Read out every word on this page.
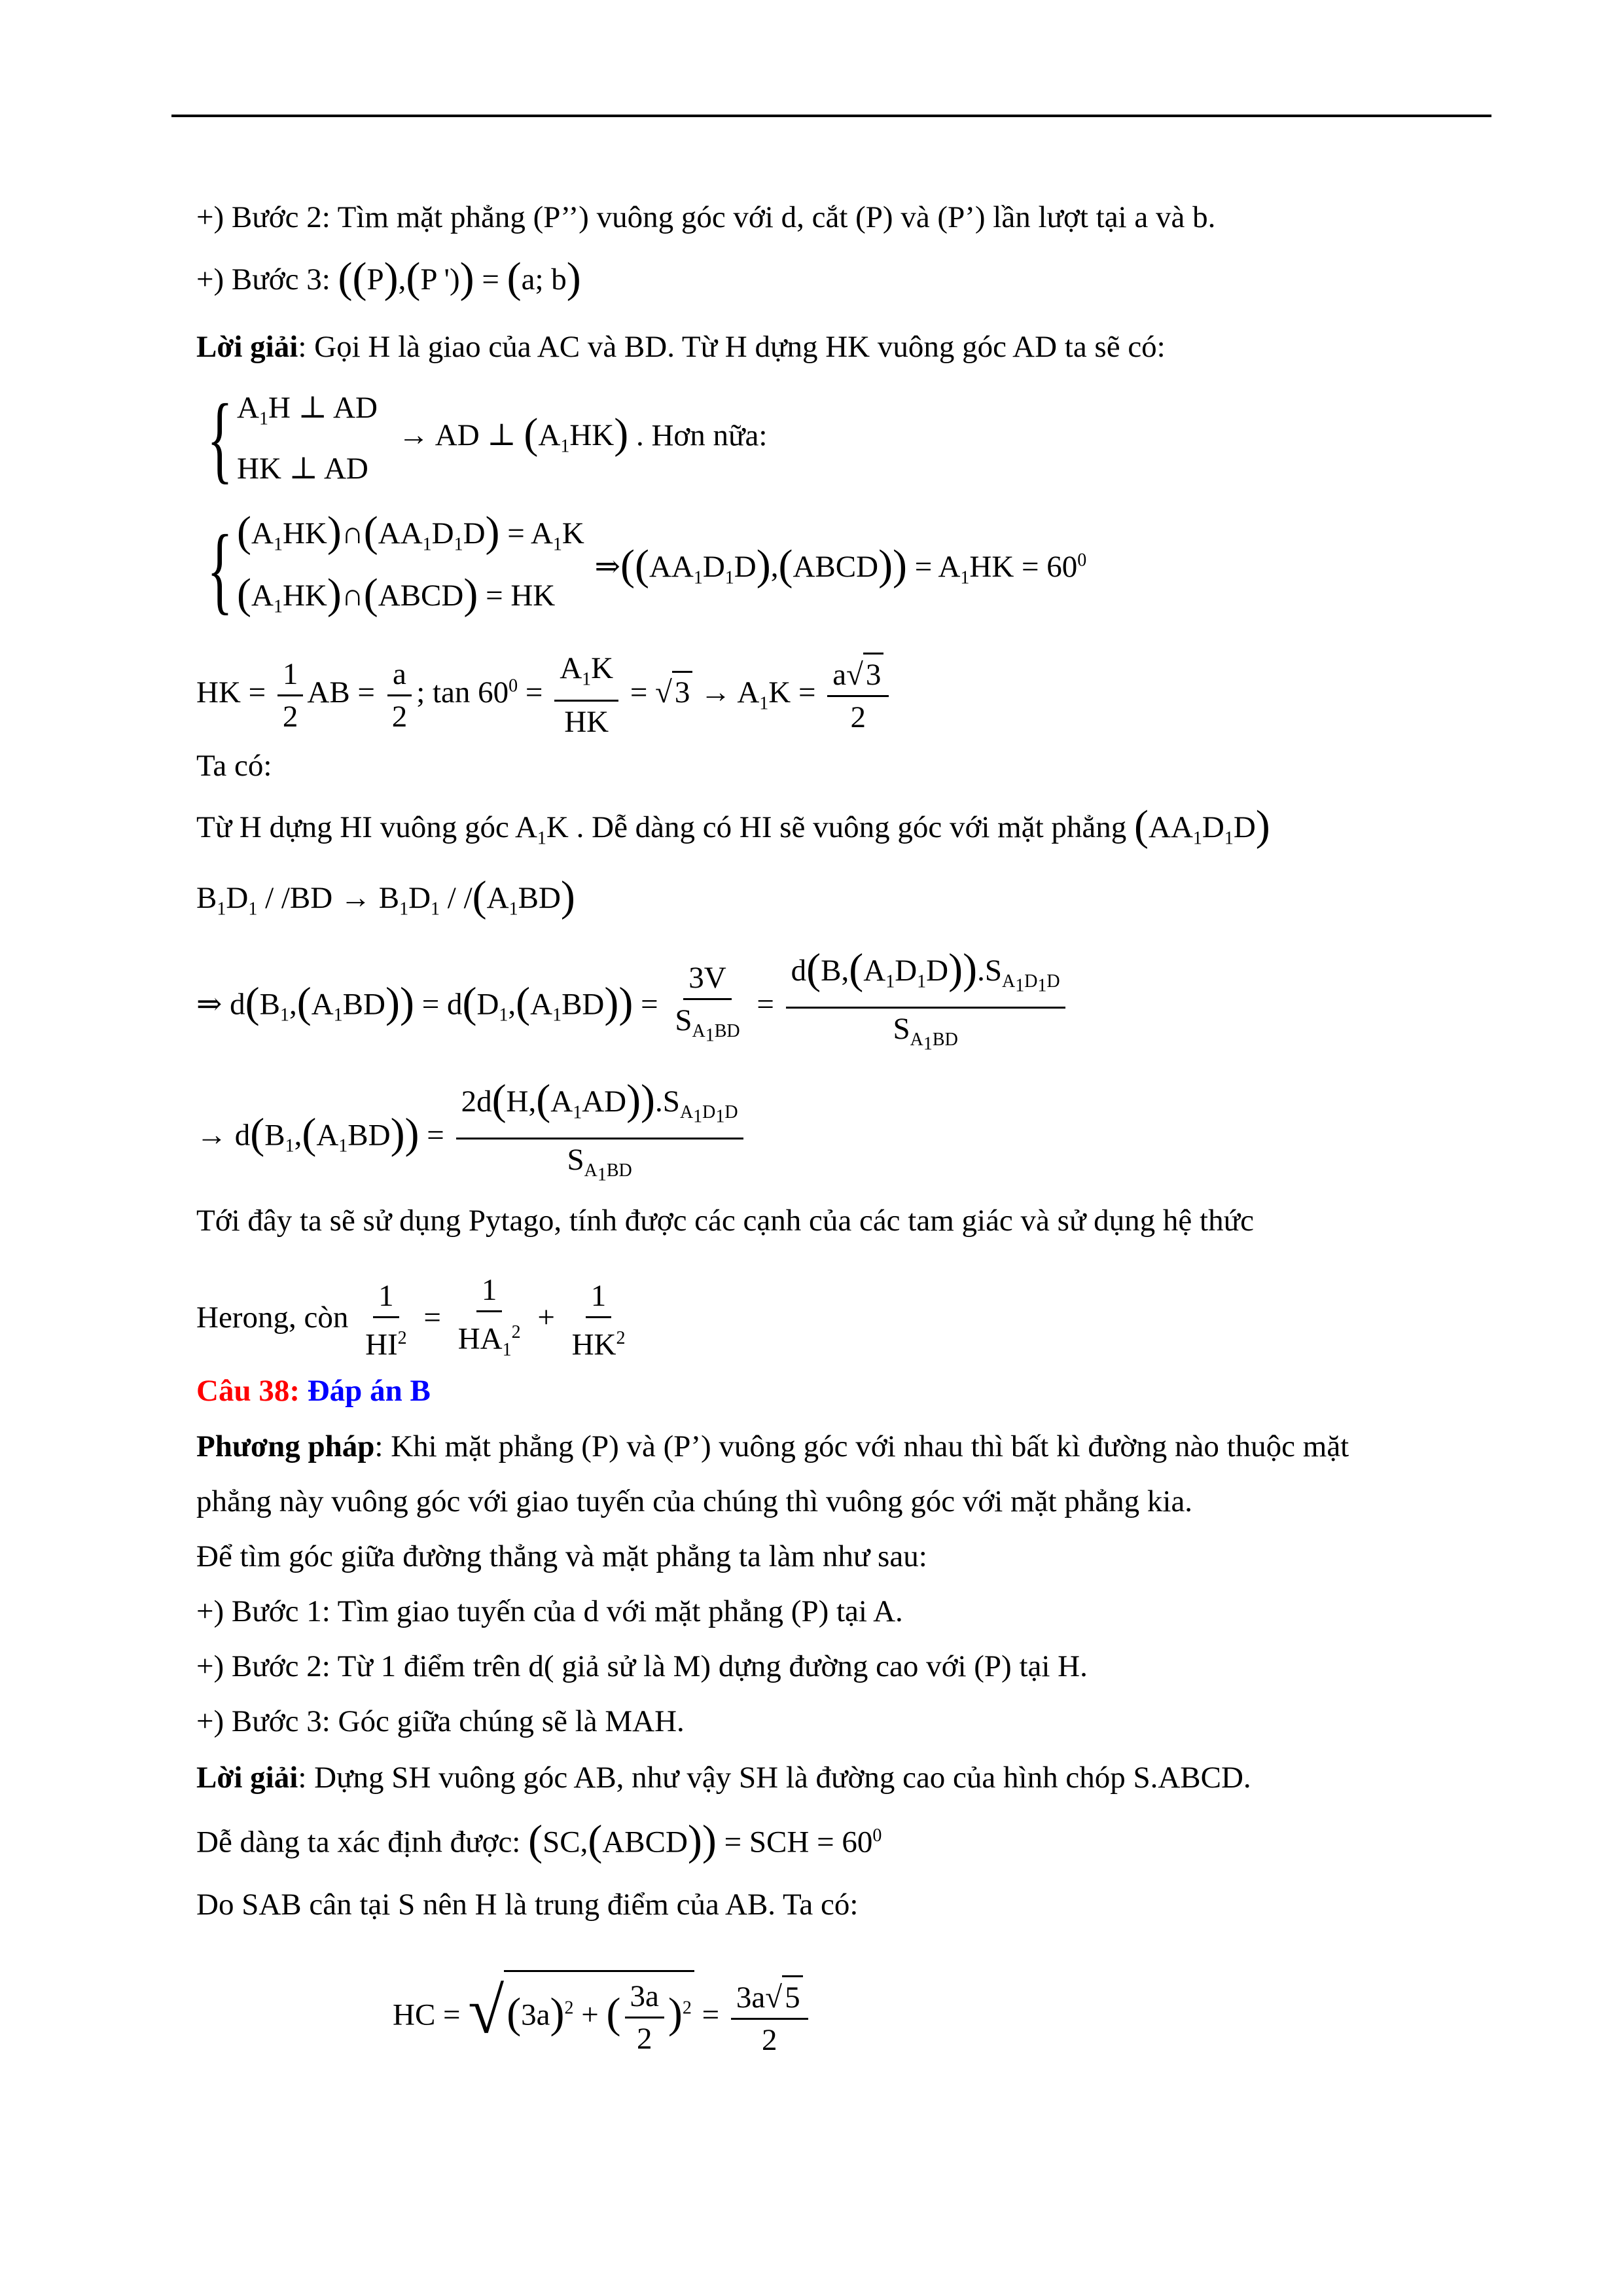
+) Bước 2: Tìm mặt phẳng (P’’) vuông góc với d, cắt (P) và (P’) lần lượt tại a và b.
+) Bước 3: ((P),(P ')) = (a; b)
Lời giải: Gọi H là giao của AC và BD. Từ H dựng HK vuông góc AD ta sẽ có:
{ $A_1H$ ⊥ AD
HK ⊥ AD
→ AD ⊥ $(A_1HK)$ . Hơn nữa:
{ $(A_1HK)\cap(AA_1D_1D) = A_1K$
$(A_1HK)\cap(ABCD)$ = HK
$\Rightarrow((AA_1D_1D),(ABCD)) = A_1HK = 60^0$
HK = $\frac{1}{2}$ AB = $\frac{a}{2}$ ; $\tan 60^0 = \frac{A_1K}{HK} = √3 \to A_1K = \frac{a√3}{2}$
Ta có:
Từ H dựng HI vuông góc $A_1K$ . Dễ dàng có HI sẽ vuông góc với mặt phẳng $(AA_1D_1D)$
$B_1D_1 / /BD \to B_1D_1 / /(A_1BD)$
⇒ $d(B_1,(A_1BD)) = d(D_1,(A_1BD)) = \frac{3V}{S_{A_1BD}} = \frac{d(B,(A_1D_1D)).S_{A_1D_1D}}{S_{A_1BD}}$
→ $d(B_1,(A_1BD)) = \frac{2d(H,(A_1AD)).S_{A_1D_1D}}{S_{A_1BD}}$
Tới đây ta sẽ sử dụng Pytago, tính được các cạnh của các tam giác và sử dụng hệ thức
Herong, còn $\frac{1}{HI^2} = \frac{1}{HA_1^2} + \frac{1}{HK^2}$
Câu 38: Đáp án B
Phương pháp: Khi mặt phẳng (P) và (P’) vuông góc với nhau thì bất kì đường nào thuộc mặt
phẳng này vuông góc với giao tuyến của chúng thì vuông góc với mặt phẳng kia.
Để tìm góc giữa đường thẳng và mặt phẳng ta làm như sau:
+) Bước 1: Tìm giao tuyến của d với mặt phẳng (P) tại A.
+) Bước 2: Từ 1 điểm trên d( giả sử là M) dựng đường cao với (P) tại H.
+) Bước 3: Góc giữa chúng sẽ là MAH.
Lời giải: Dựng SH vuông góc AB, như vậy SH là đường cao của hình chóp S.ABCD.
Dễ dàng ta xác định được: (SC,(ABCD)) = SCH = $60^0$
Do SAB cân tại S nên H là trung điểm của AB. Ta có:
HC = $√(3a)^2$ + ( $\frac{3a}{2} )^2 = \frac{3a√5}{2}$
